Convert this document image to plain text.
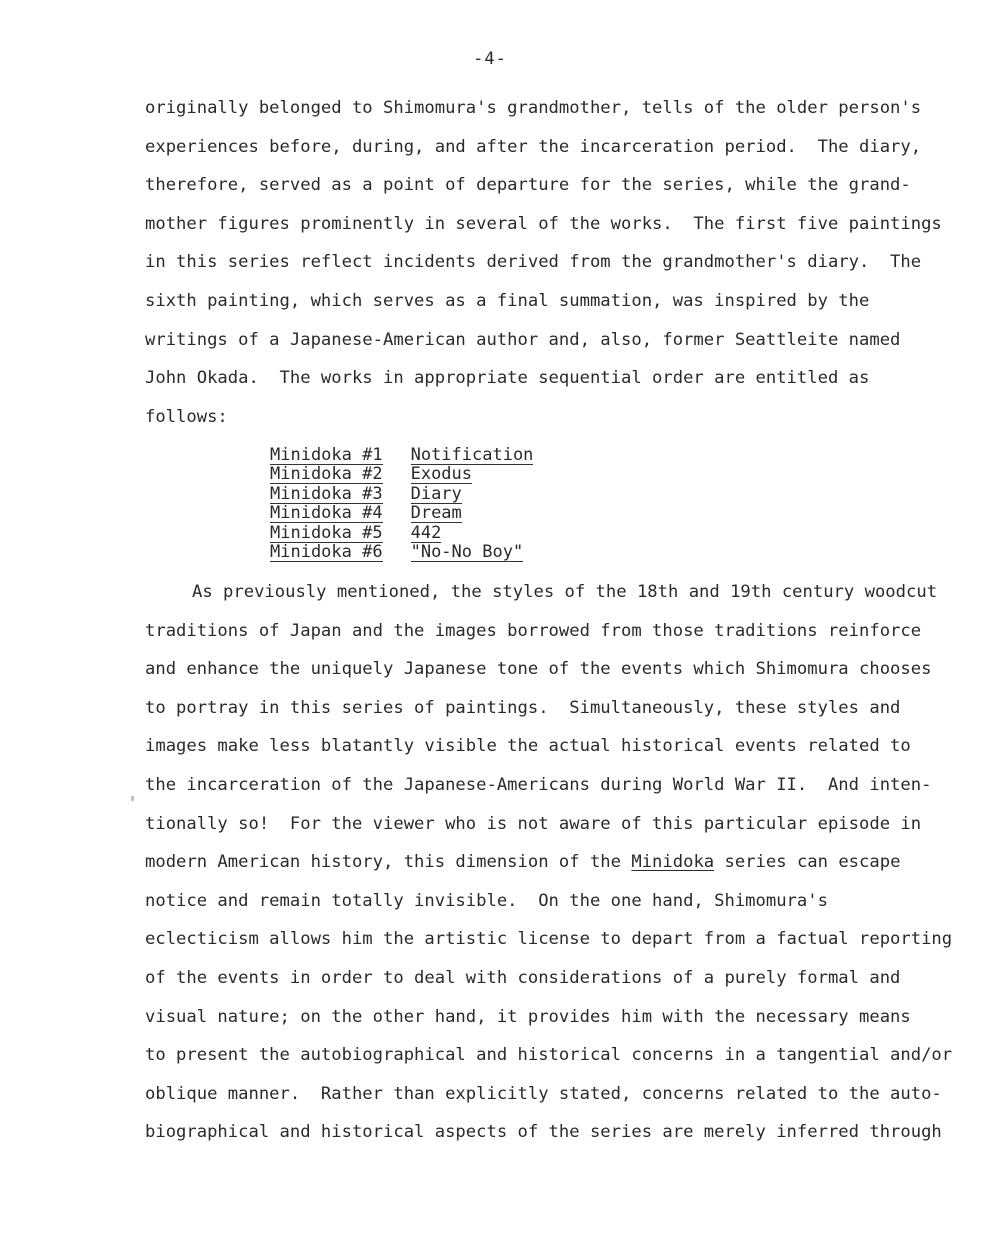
-4-
originally belonged to Shimomura's grandmother, tells of the older person's
experiences before, during, and after the incarceration period.  The diary,
therefore, served as a point of departure for the series, while the grand-
mother figures prominently in several of the works.  The first five paintings
in this series reflect incidents derived from the grandmother's diary.  The
sixth painting, which serves as a final summation, was inspired by the
writings of a Japanese-American author and, also, former Seattleite named
John Okada.  The works in appropriate sequential order are entitled as
follows:
Minidoka #1	Notification
Minidoka #2	Exodus
Minidoka #3	Diary
Minidoka #4	Dream
Minidoka #5	442
Minidoka #6	"No-No Boy"
As previously mentioned, the styles of the 18th and 19th century woodcut
traditions of Japan and the images borrowed from those traditions reinforce
and enhance the uniquely Japanese tone of the events which Shimomura chooses
to portray in this series of paintings.  Simultaneously, these styles and
images make less blatantly visible the actual historical events related to
the incarceration of the Japanese-Americans during World War II.  And inten-
tionally so!  For the viewer who is not aware of this particular episode in
modern American history, this dimension of the Minidoka series can escape
notice and remain totally invisible.  On the one hand, Shimomura's
eclecticism allows him the artistic license to depart from a factual reporting
of the events in order to deal with considerations of a purely formal and
visual nature; on the other hand, it provides him with the necessary means
to present the autobiographical and historical concerns in a tangential and/or
oblique manner.  Rather than explicitly stated, concerns related to the auto-
biographical and historical aspects of the series are merely inferred through
